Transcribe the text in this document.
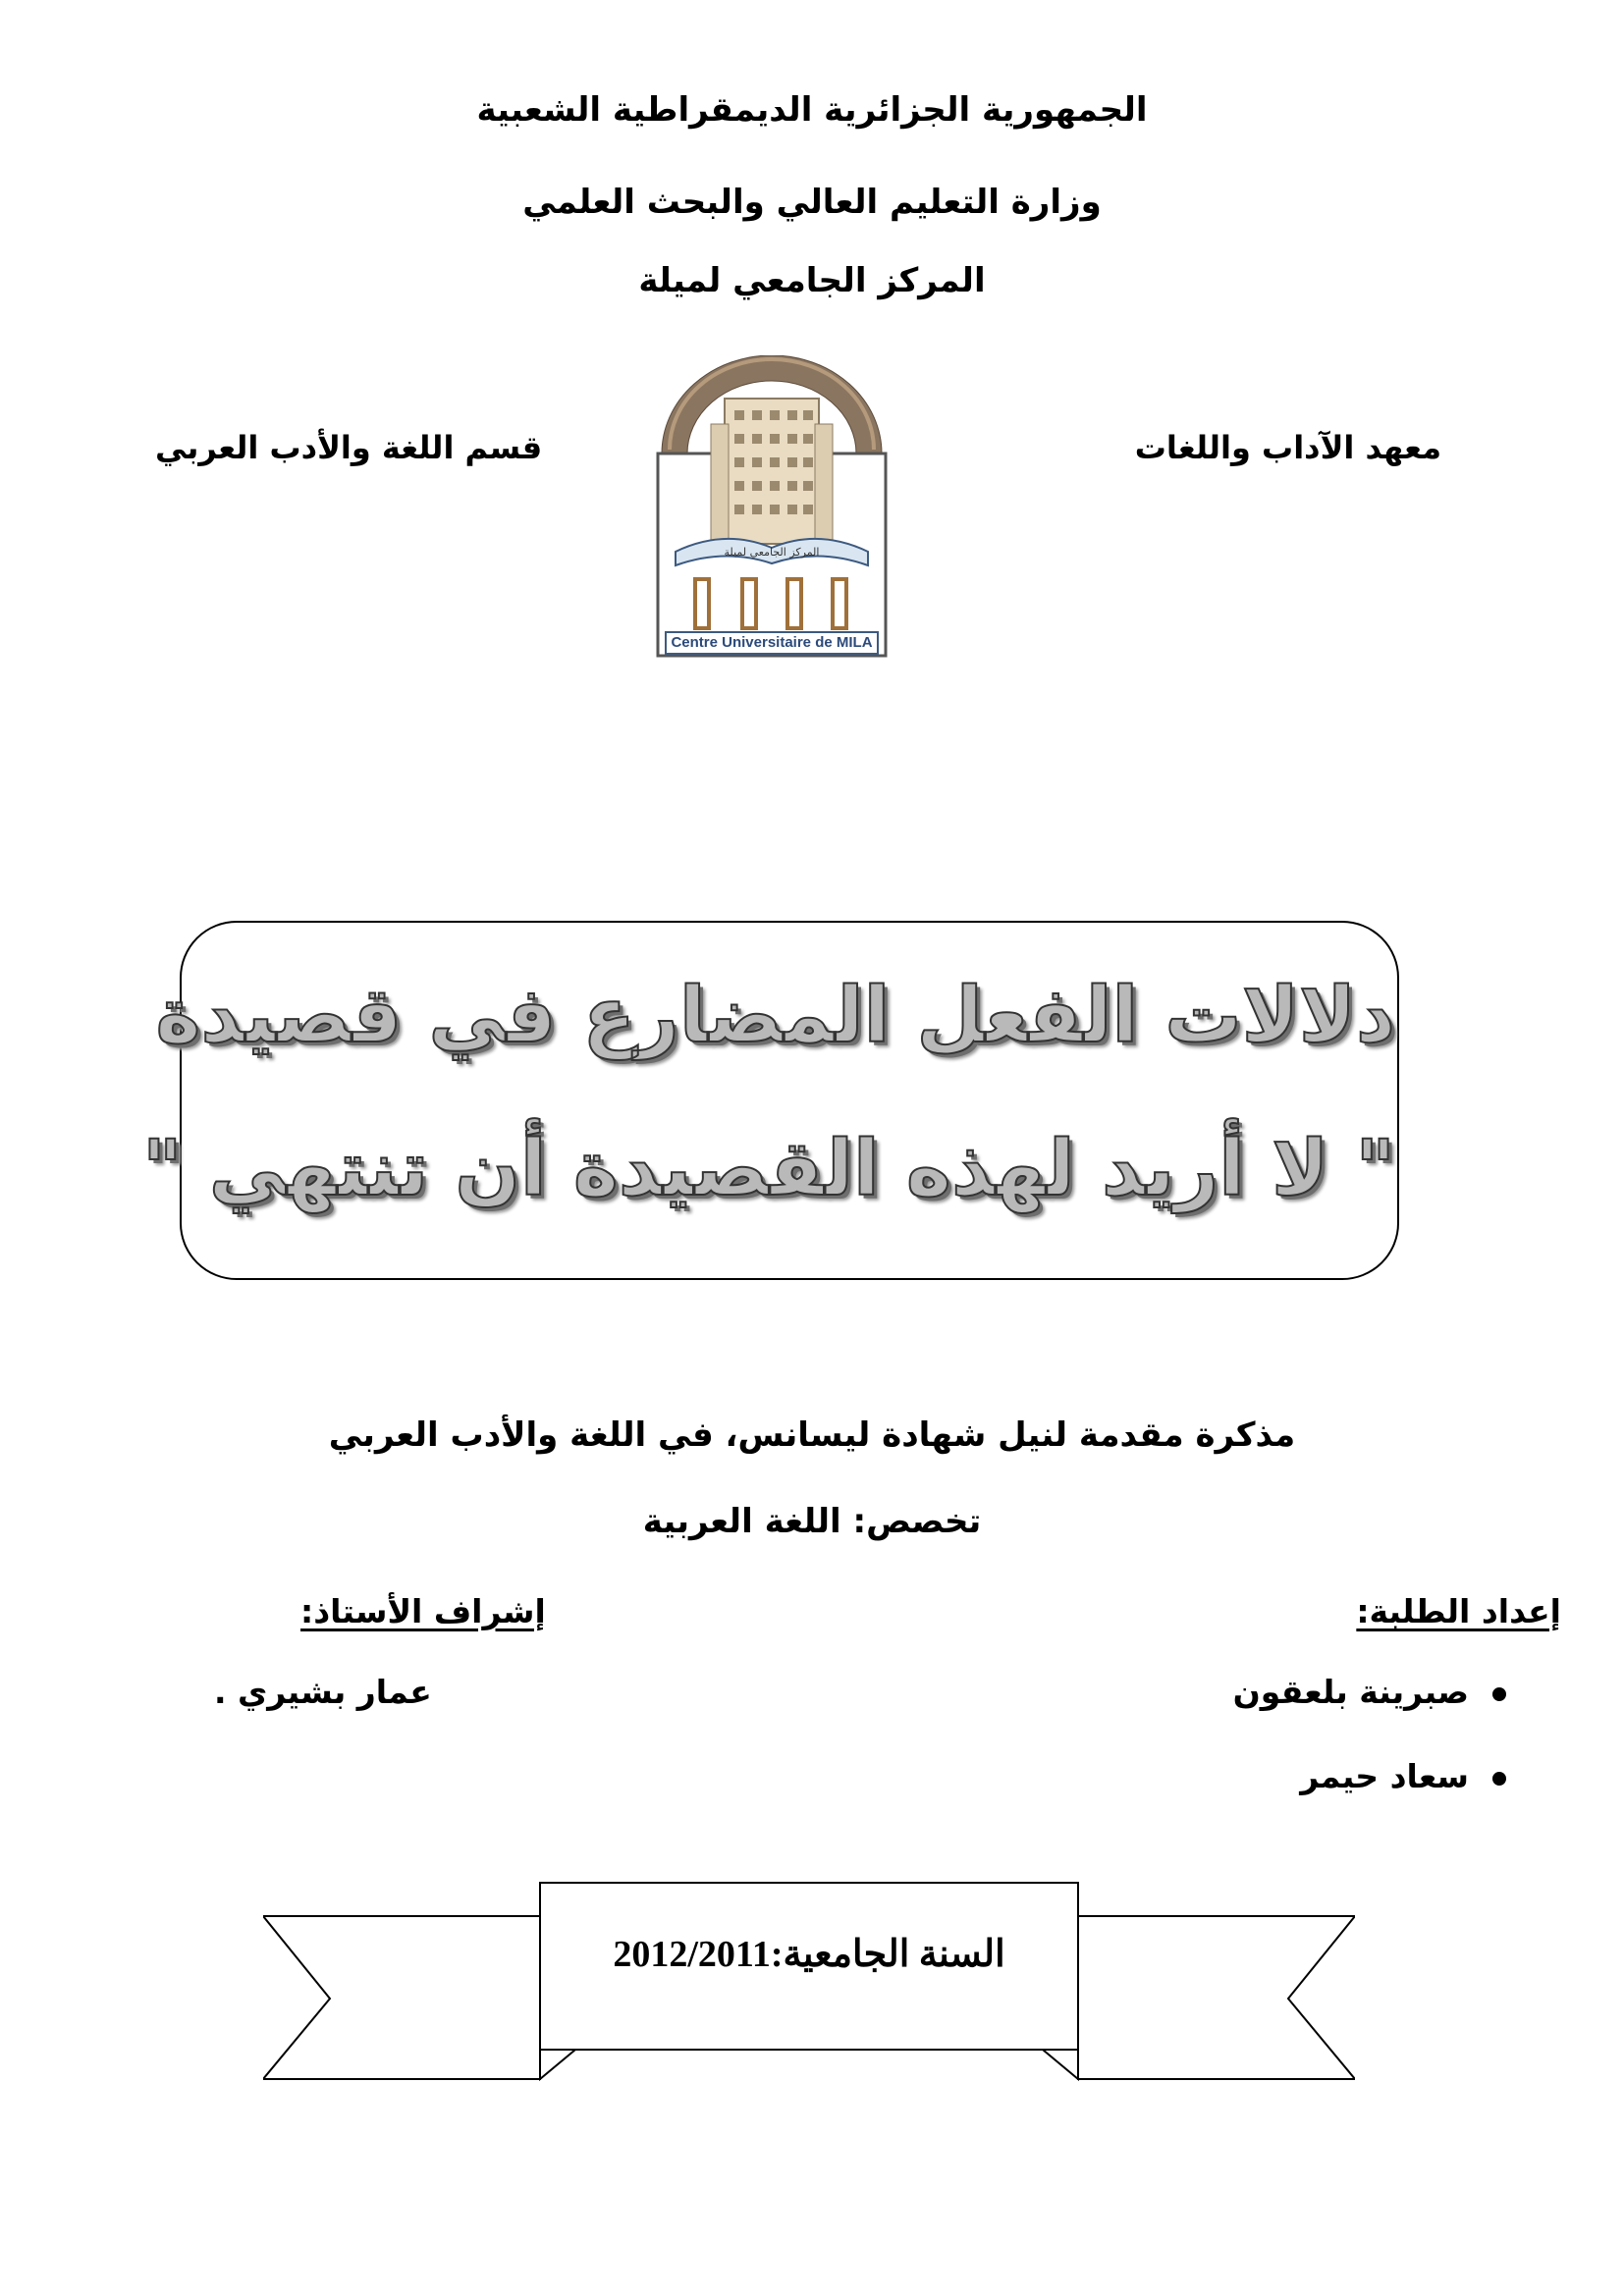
الجمهورية الجزائرية الديمقراطية الشعبية
وزارة التعليم العالي والبحث العلمي
المركز الجامعي لميلة
معهد الآداب واللغات
قسم اللغة والأدب العربي
المركز الجامعي لميلة
Centre Universitaire de MILA
دلالات الفعل المضارع في قصيدة
" لا أريد لهذه القصيدة أن تنتهي "
مذكرة مقدمة لنيل شهادة ليسانس، في اللغة والأدب العربي
تخصص: اللغة العربية
إعداد الطلبة:
صبرينة بلعقون
سعاد حيمر
إشراف الأستاذ:
عمار بشيري .
السنة الجامعية:2012/2011
